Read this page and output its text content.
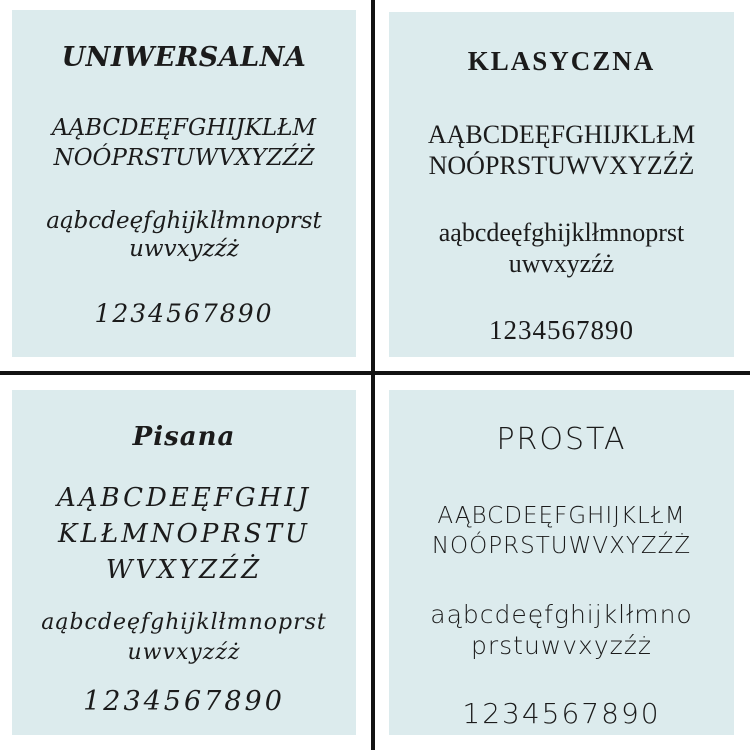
UNIWERSALNA
AĄBCDEĘFGHIJKLŁM
NOÓPRSTUWVXYZŹŻ
aąbcdeęfghijklłmnoprst
uwvxyzźż
1234567890
KLASYCZNA
AĄBCDEĘFGHIJKLŁM
NOÓPRSTUWVXYZŹŻ
aąbcdeęfghijklłmnoprst
uwvxyzźż
1234567890
Pisana
AĄBCDEĘFGHIJ
KLŁMNOPRSTU
WVXYZŹŻ
aąbcdeęfghijklłmnoprst
uwvxyzźż
1234567890
PROSTA
AĄBCDEĘFGHIJKLŁM
NOÓPRSTUWVXYZŹŻ
aąbcdeęfghijklłmno
prstuwvxyzźż
1234567890
